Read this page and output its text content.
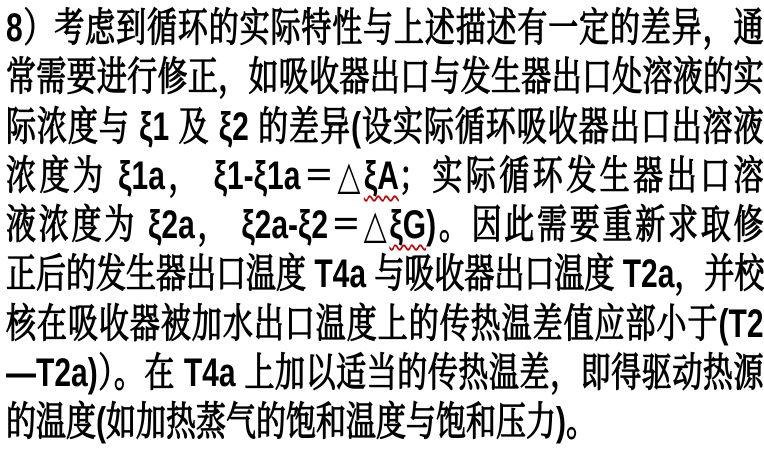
8）考虑到循环的实际特性与上述描述有一定的差异，通
常需要进行修正，如吸收器出口与发生器出口处溶液的实
际浓度与 ξ1 及 ξ2 的差异(设实际循环吸收器出口出溶液
浓度为 ξ1a， ξ1-ξ1a＝△ξA；实际循环发生器出口溶
液浓度为 ξ2a， ξ2a-ξ2＝△ξG)。因此需要重新求取修
正后的发生器出口温度 T4a 与吸收器出口温度 T2a，并校
核在吸收器被加水出口温度上的传热温差值应部小于(T2
—T2a)）。在 T4a 上加以适当的传热温差，即得驱动热源
的温度(如加热蒸气的饱和温度与饱和压力)。
